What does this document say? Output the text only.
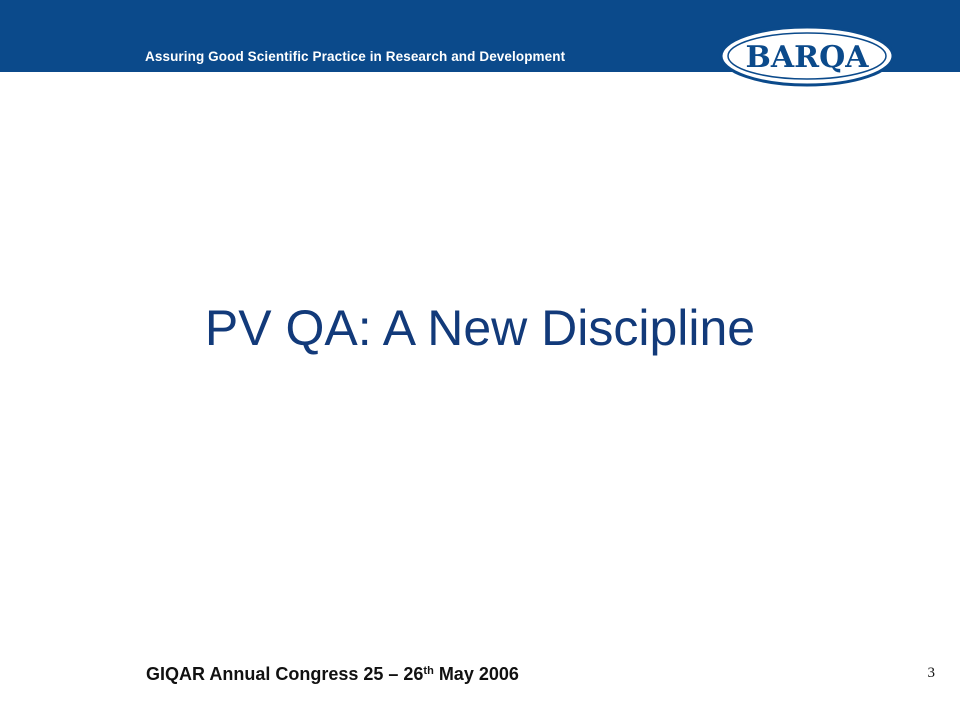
Assuring Good Scientific Practice in Research and Development	BARQA
PV QA: A New Discipline
GIQAR Annual Congress 25 – 26th May 2006	3
